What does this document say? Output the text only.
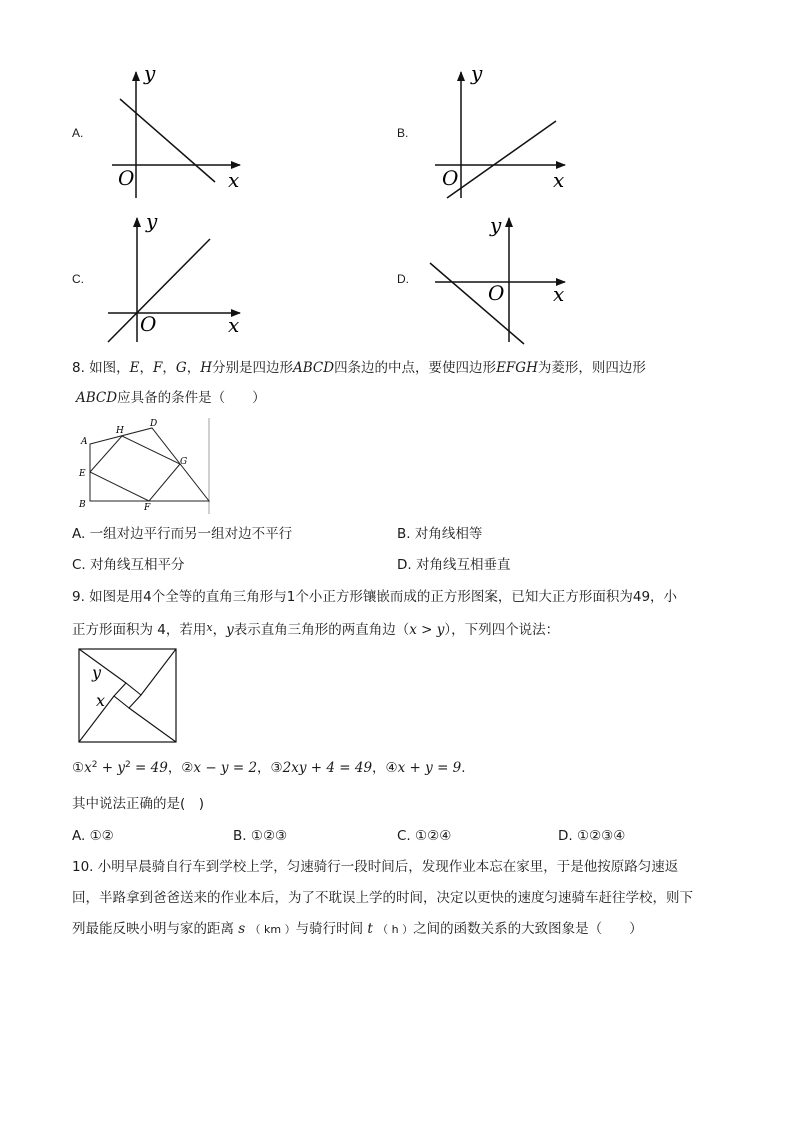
A.
y
x
O
B.
y
x
O
C.
y
x
O
D.
y
x
O
8. 如图，E，F，G，H分别是四边形ABCD四条边的中点，要使四边形EFGH为菱形，则四边形
ABCD应具备的条件是（　　）
A
H
D
E
G
B	F
A. 一组对边平行而另一组对边不平行	B. 对角线相等
C. 对角线互相平分	D. 对角线互相垂直
9. 如图是用4个全等的直角三角形与1个小正方形镶嵌而成的正方形图案，已知大正方形面积为49，小
正方形面积为 4，若用$^x$，y表示直角三角形的两直角边（x > y），下列四个说法：
y
x
$①x^2 + y^2 = 49$，②x − y = 2，③2xy + 4 = 49，④x + y = 9.
其中说法正确的是(　)
A. ①②	B. ①②③	C. ①②④	D. ①②③④
10. 小明早晨骑自行车到学校上学，匀速骑行一段时间后，发现作业本忘在家里，于是他按原路匀速返
回，半路拿到爸爸送来的作业本后，为了不耽误上学的时间，决定以更快的速度匀速骑车赶往学校，则下
列最能反映小明与家的距离 s （ km ）与骑行时间 t （ h ）之间的函数关系的大致图象是（　　）
